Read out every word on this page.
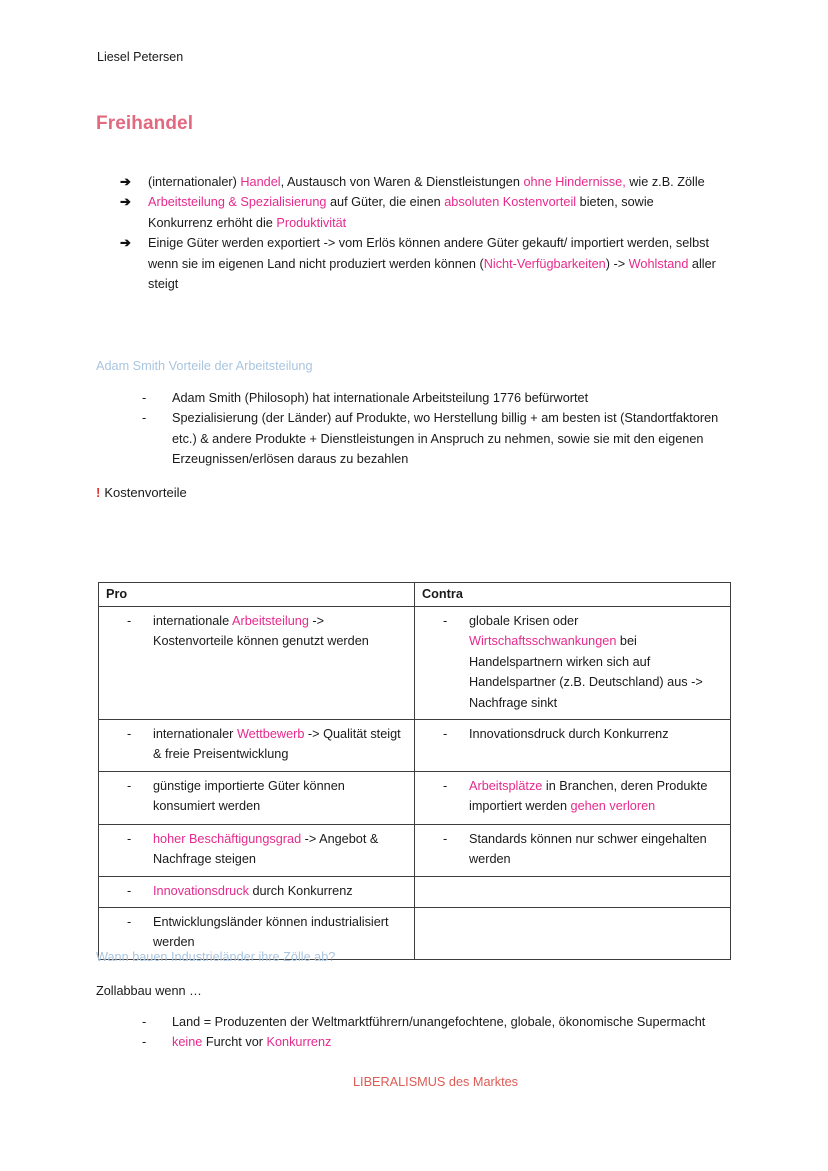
Liesel Petersen
Freihandel
➔ (internationaler) Handel, Austausch von Waren & Dienstleistungen ohne Hindernisse, wie z.B. Zölle
➔ Arbeitsteilung & Spezialisierung auf Güter, die einen absoluten Kostenvorteil bieten, sowie Konkurrenz erhöht die Produktivität
➔ Einige Güter werden exportiert -> vom Erlös können andere Güter gekauft/ importiert werden, selbst wenn sie im eigenen Land nicht produziert werden können (Nicht-Verfügbarkeiten) -> Wohlstand aller steigt
Adam Smith Vorteile der Arbeitsteilung
- Adam Smith (Philosoph) hat internationale Arbeitsteilung 1776 befürwortet
- Spezialisierung (der Länder) auf Produkte, wo Herstellung billig + am besten ist (Standortfaktoren etc.) & andere Produkte + Dienstleistungen in Anspruch zu nehmen, sowie sie mit den eigenen Erzeugnissen/erlösen daraus zu bezahlen
! Kostenvorteile
Pro	Contra

- internationale Arbeitsteilung -> Kostenvorteile können genutzt werden	- globale Krisen oder Wirtschaftsschwankungen bei Handelspartnern wirken sich auf Handelspartner (z.B. Deutschland) aus -> Nachfrage sinkt

- internationaler Wettbewerb -> Qualität steigt & freie Preisentwicklung	- Innovationsdruck durch Konkurrenz

- günstige importierte Güter können konsumiert werden	- Arbeitsplätze in Branchen, deren Produkte importiert werden gehen verloren

- hoher Beschäftigungsgrad -> Angebot & Nachfrage steigen	- Standards können nur schwer eingehalten werden

- Innovationsdruck durch Konkurrenz	

- Entwicklungsländer können industrialisiert werden	

Wann bauen Industrieländer ihre Zölle ab?
Zollabbau wenn …
- Land = Produzenten der Weltmarktführern/unangefochtene, globale, ökonomische Supermacht
- keine Furcht vor Konkurrenz
LIBERALISMUS des Marktes
